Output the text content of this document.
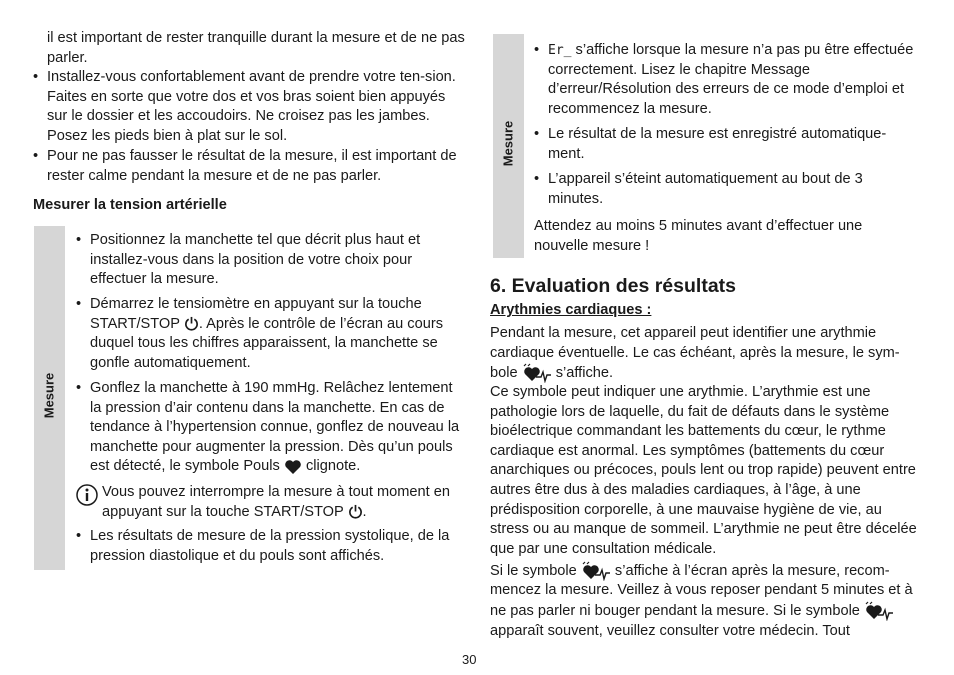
il est important de rester tranquille durant la mesure et de ne pas parler.
• Installez-vous confortablement avant de prendre votre ten-sion. Faites en sorte que votre dos et vos bras soient bien appuyés sur le dossier et les accoudoirs. Ne croisez pas les jambes. Posez les pieds bien à plat sur le sol.
• Pour ne pas fausser le résultat de la mesure, il est important de rester calme pendant la mesure et de ne pas parler.
Mesurer la tension artérielle
Mesure
• Positionnez la manchette tel que décrit plus haut et installez-vous dans la position de votre choix pour effectuer la mesure.
• Démarrez le tensiomètre en appuyant sur la touche START/STOP . Après le contrôle de l’écran au cours duquel tous les chiffres apparaissent, la manchette se gonfle automatiquement.
• Gonflez la manchette à 190 mmHg. Relâchez lentement la pression d’air contenu dans la manchette. En cas de tendance à l’hypertension connue, gonflez de nouveau la manchette pour augmenter la pression. Dès qu’un pouls est détecté, le symbole Pouls clignote.
Vous pouvez interrompre la mesure à tout moment en appuyant sur la touche START/STOP .
• Les résultats de mesure de la pression systolique, de la pression diastolique et du pouls sont affichés.
Mesure
• Er_ s’affiche lorsque la mesure n’a pas pu être effectuée correctement. Lisez le chapitre Message d’erreur/Résolution des erreurs de ce mode d’emploi et recommencez la mesure.
• Le résultat de la mesure est enregistré automatique-ment.
• L’appareil s’éteint automatiquement au bout de 3 minutes.
Attendez au moins 5 minutes avant d’effectuer une nouvelle mesure !
6. Evaluation des résultats
Arythmies cardiaques :
Pendant la mesure, cet appareil peut identifier une arythmie cardiaque éventuelle. Le cas échéant, après la mesure, le sym-bole	s’affiche.
Ce symbole peut indiquer une arythmie. L’arythmie est une pathologie lors de laquelle, du fait de défauts dans le système bioélectrique commandant les battements du cœur, le rythme cardiaque est anormal. Les symptômes (battements du cœur anarchiques ou précoces, pouls lent ou trop rapide) peuvent entre autres être dus à des maladies cardiaques, à l’âge, à une prédisposition corporelle, à une mauvaise hygiène de vie, au stress ou au manque de sommeil. L’arythmie ne peut être décelée que par une consultation médicale.
Si le symbole	s’affiche à l’écran après la mesure, recom-mencez la mesure. Veillez à vous reposer pendant 5 minutes et à ne pas parler ni bouger pendant la mesure. Si le symbole  apparaît souvent, veuillez consulter votre médecin. Tout
30
